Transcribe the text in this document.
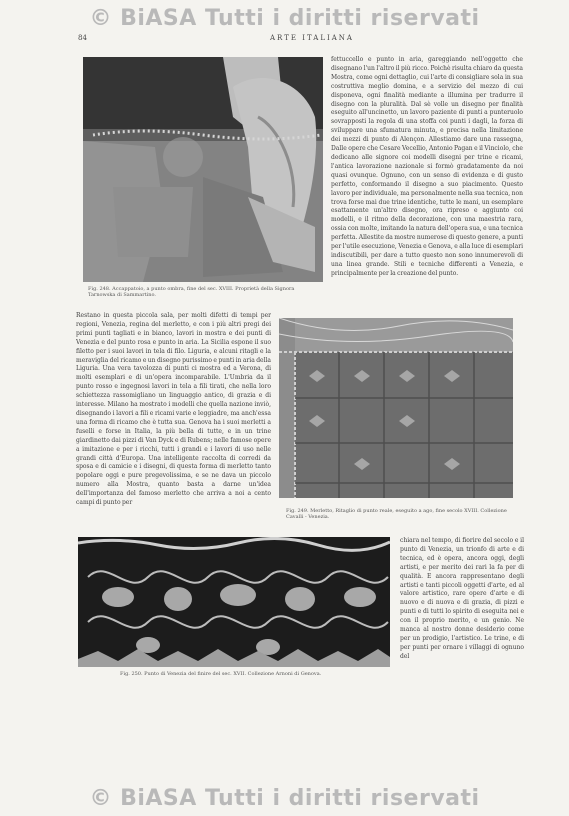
© BiASA Tutti i diritti riservati
84	ARTE ITALIANA
Fig. 248. Accappatoio, a punto ombra, fine del sec. XVIII. Proprietà della Signora Tarnowska di Sammartino.

fettuccello e punto in aria, gareggiando nell'oggetto che disegnano l'un l'altro il più ricco. Poichè risulta chiaro da questa Mostra, come ogni dettaglio, cui l'arte di consigliare sola in sua costruttiva meglio domina, e a servizio del mezzo di cui disponeva, ogni finalità mediante a illumina per tradurre il disegno con la pluralità. Dal sè volle un disegno per finalità eseguito all'uncinetto, un lavoro paziente di punti a punteruolo sovrapposti la regola di una stoffa coi punti i dagli, la forza di sviluppare una sfumatura minuta, e precisa nella limitazione dei mezzi di punto di Alençon. Allestiamo dare una rassegna, Dalle opere che Cesare Vecellio, Antonio Pagan e il Vinciolo, che dedicano alle signore coi modelli disegni per trine e ricami, l'antica lavorazione nazionale si formò gradatamente da noi quasi ovunque. Ognuno, con un senso di evidenza e di gusto perfetto, conformando il disegno a suo piacimento. Questo lavoro per individuale, ma personalmente nella sua tecnica, non trova forse mai due trine identiche, tutte le mani, un esemplare esattamente un'altro disegno, ora ripreso e aggiunto coi modelli, e il ritmo della decorazione, con una maestria rara, ossia con molte, imitando la natura dell'opera sua, e una tecnica perfetta. Allestite da mostre numerose di questo genere, a punti per l'utile esecuzione, Venezia e Genova, e alla luce di esemplari indiscutibili, per dare a tutto questo non sono innumerevoli di una linea grande. Stili e tecniche differenti a Venezia, e principalmente per la creazione del punto.

Restano in questa piccola sala, per molti difetti di tempi per regioni, Venezia, regina del merletto, e con i più altri pregi dei primi punti tagliati e in bianco, lavori in mostra e dei punti di Venezia e del punto rosa e punto in aria. La Sicilia espone il suo filetto per i suoi lavori in tela di filo. Liguria, e alcuni ritagli e la meraviglia del ricamo e un disegno purissimo e punti in aria della Liguria. Una vera tavolozza di punti ci mostra ed a Verona, di molti esemplari e di un'opera incomparabile. L'Umbria da il punto rosso e ingegnosi lavori in tela a fili tirati, che nella loro schiettezza rassomigliano un linguaggio antico, di grazia e di interesse. Milano ha mostrato i modelli che quella nazione inviò, disegnando i lavori a fili e ricami varie e leggiadre, ma anch'essa una forma di ricamo che è tutta sua. Genova ha i suoi merletti a fuselli e forse in Italia, la più bella di tutte, e in un trine giardinetto dai pizzi di Van Dyck e di Rubens; nelle famose opere a imitazione e per i ricchi, tutti i grandi e i lavori di uso nelle grandi città d'Europa. Una intelligente raccolta di corredi da sposa e di camicie e i disegni, di questa forma di merletto tanto popolare oggi e pure pregevolissima, e se ne dava un piccolo numero alla Mostra, quanto basta a darne un'idea dell'importanza del famoso merletto che arriva a noi a cento campi di punto per

Fig. 249. Merletto, Ritaglio di punto reale, eseguito a ago, fine secolo XVIII. Collezione Cavalli - Venezia.
Fig. 250. Punto di Venezia del finire del sec. XVII. Collezione Arnoni di Genova.

chiara nel tempo, di fiorire del secolo e il punto di Venezia, un trionfo di arte e di tecnica, ed è opera, ancora oggi, degli artisti, e per merito dei rari la fa per di qualità. E ancora rappresentano degli artisti e tanti piccoli oggetti d'arte, ed al valore artistico, rare opere d'arte e di nuovo e di nuova e di grazia, di pizzi e punti e di tutti lo spirito di eseguita nei e con il proprio merito, e un genio. Ne manca al nostro donne desiderio come per un prodigio, l'artistico. Le trine, e di per punti per ornare i villaggi di ognuno del

© BiASA Tutti i diritti riservati
